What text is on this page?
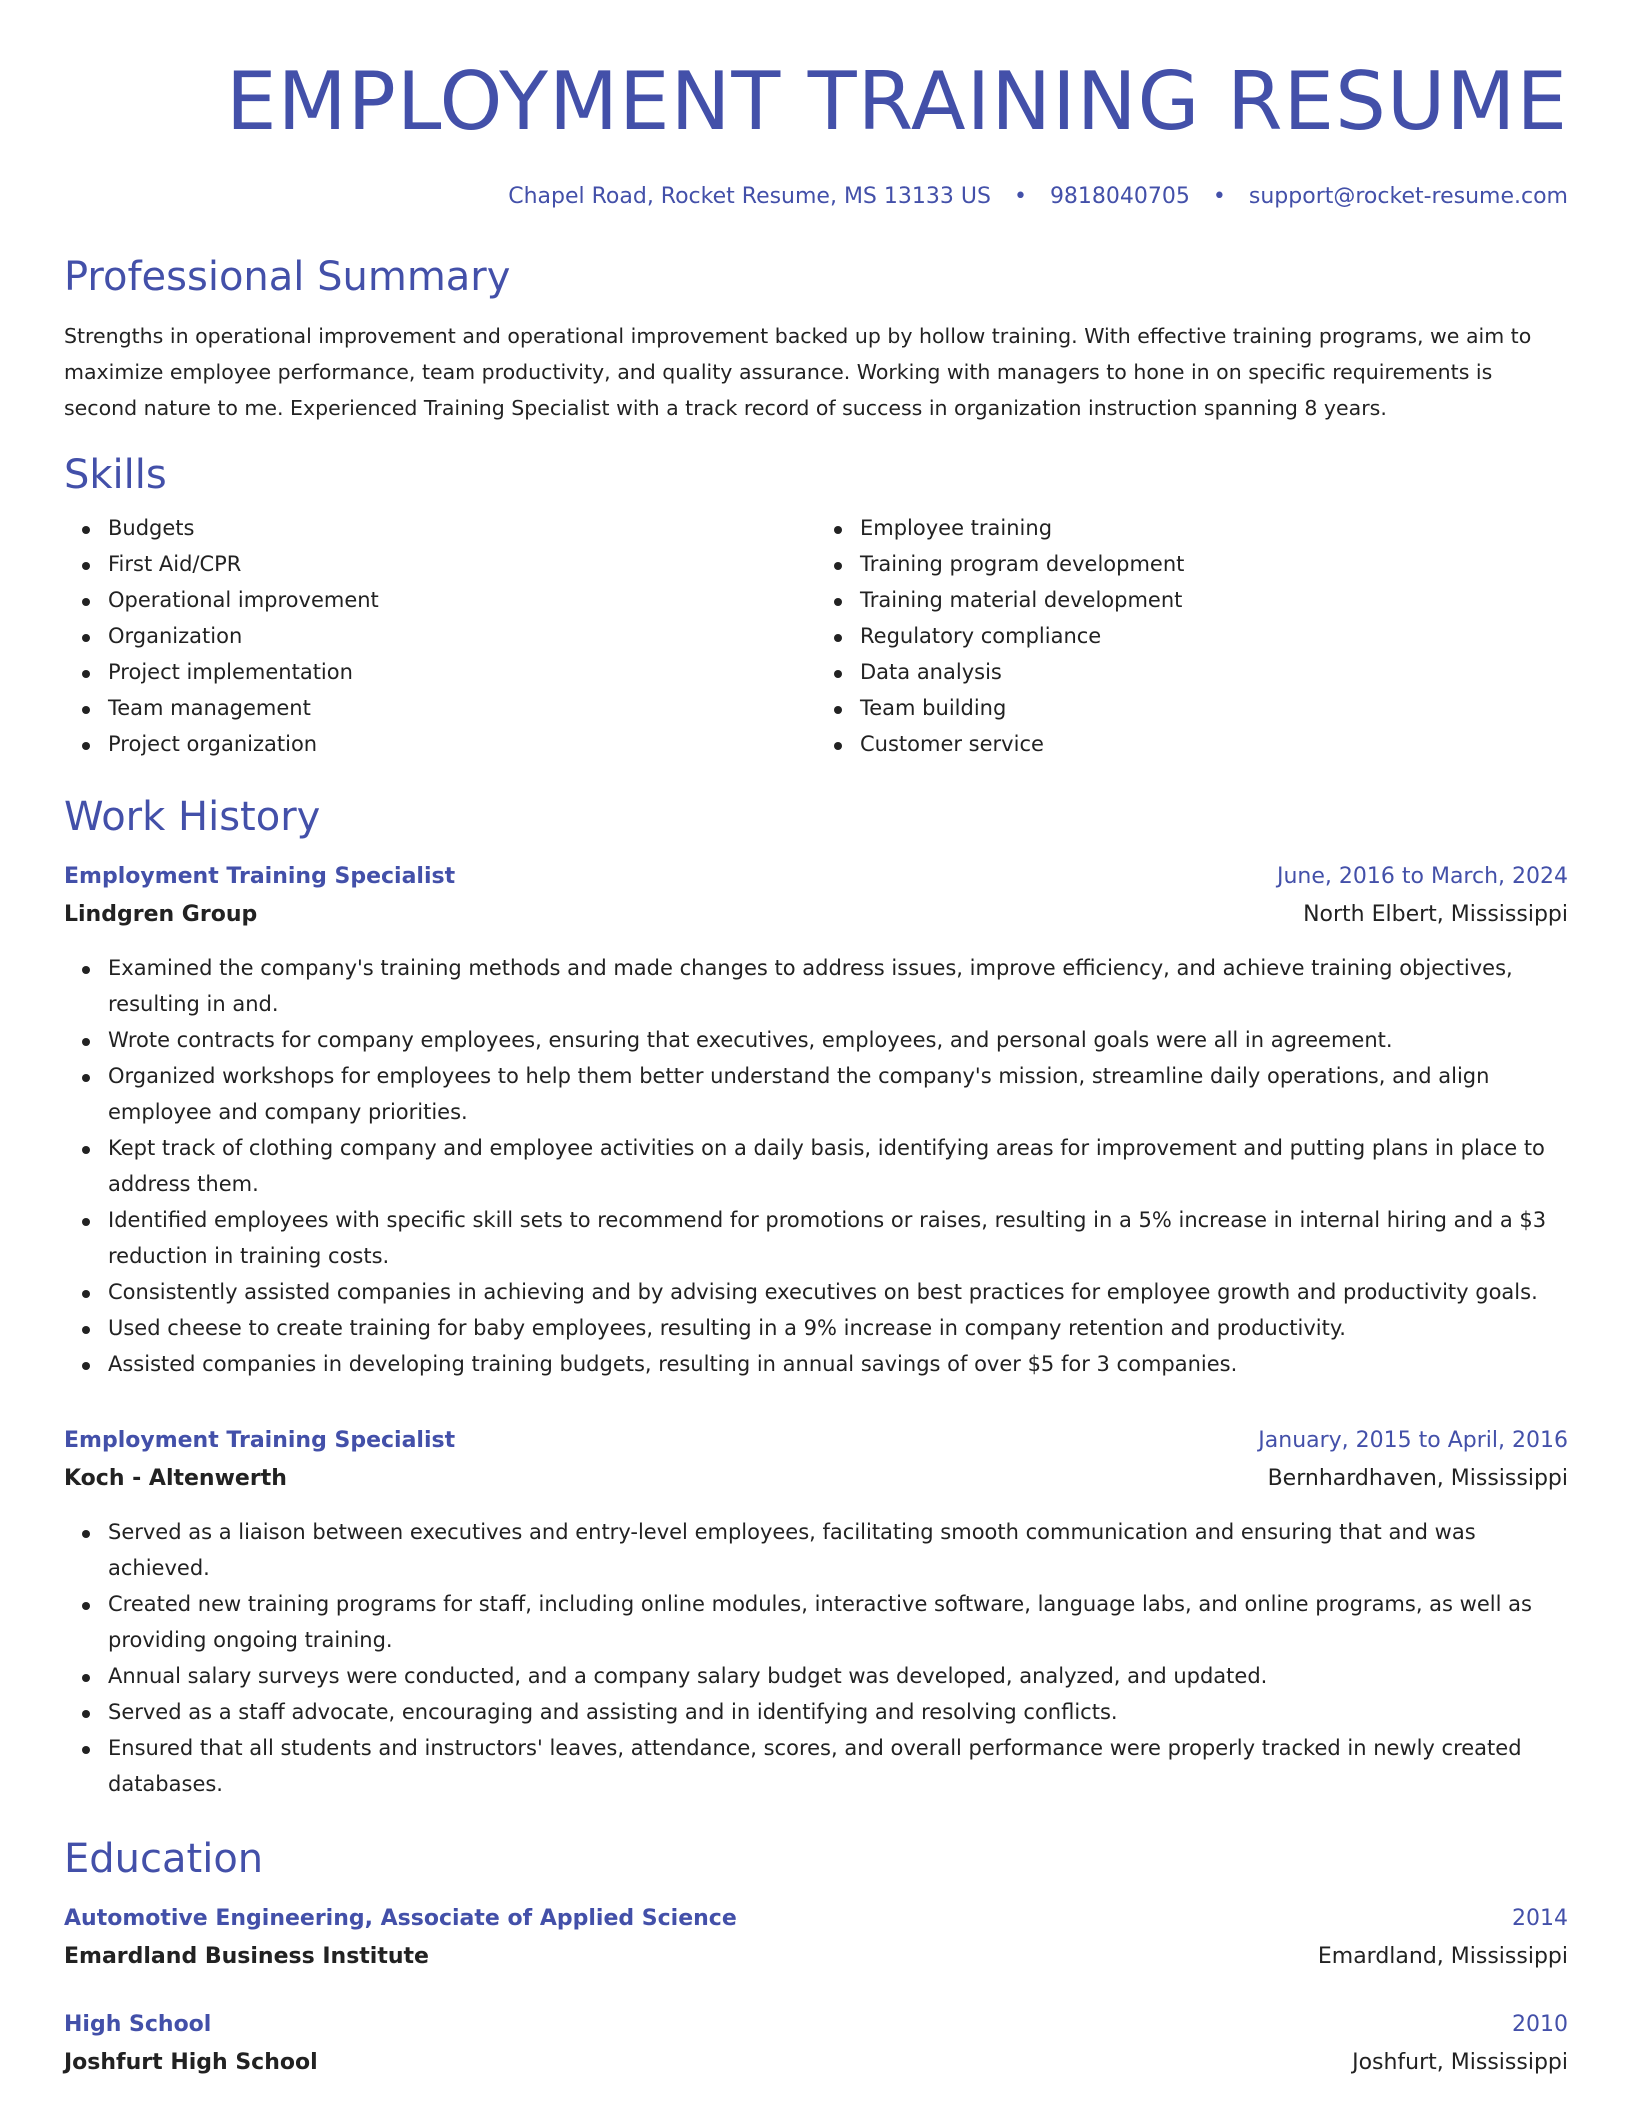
EMPLOYMENT TRAINING RESUME
Chapel Road, Rocket Resume, MS 13133 US • 9818040705 • support@rocket-resume.com
Professional Summary

Strengths in operational improvement and operational improvement backed up by hollow training. With effective training programs, we aim to maximize employee performance, team productivity, and quality assurance. Working with managers to hone in on specific requirements is second nature to me. Experienced Training Specialist with a track record of success in organization instruction spanning 8 years.

Skills
Budgets
First Aid/CPR
Operational improvement
Organization
Project implementation
Team management
Project organization
Employee training
Training program development
Training material development
Regulatory compliance
Data analysis
Team building
Customer service
Work History
Employment Training Specialist	June, 2016 to March, 2024
Lindgren Group	North Elbert, Mississippi
Examined the company's training methods and made changes to address issues, improve efficiency, and achieve training objectives, resulting in and.
Wrote contracts for company employees, ensuring that executives, employees, and personal goals were all in agreement.
Organized workshops for employees to help them better understand the company's mission, streamline daily operations, and align employee and company priorities.
Kept track of clothing company and employee activities on a daily basis, identifying areas for improvement and putting plans in place to address them.
Identified employees with specific skill sets to recommend for promotions or raises, resulting in a 5% increase in internal hiring and a $3 reduction in training costs.
Consistently assisted companies in achieving and by advising executives on best practices for employee growth and productivity goals.
Used cheese to create training for baby employees, resulting in a 9% increase in company retention and productivity.
Assisted companies in developing training budgets, resulting in annual savings of over $5 for 3 companies.
Employment Training Specialist	January, 2015 to April, 2016
Koch - Altenwerth	Bernhardhaven, Mississippi
Served as a liaison between executives and entry-level employees, facilitating smooth communication and ensuring that and was achieved.
Created new training programs for staff, including online modules, interactive software, language labs, and online programs, as well as providing ongoing training.
Annual salary surveys were conducted, and a company salary budget was developed, analyzed, and updated.
Served as a staff advocate, encouraging and assisting and in identifying and resolving conflicts.
Ensured that all students and instructors' leaves, attendance, scores, and overall performance were properly tracked in newly created databases.
Education
Automotive Engineering, Associate of Applied Science	2014
Emardland Business Institute	Emardland, Mississippi
High School	2010
Joshfurt High School	Joshfurt, Mississippi
